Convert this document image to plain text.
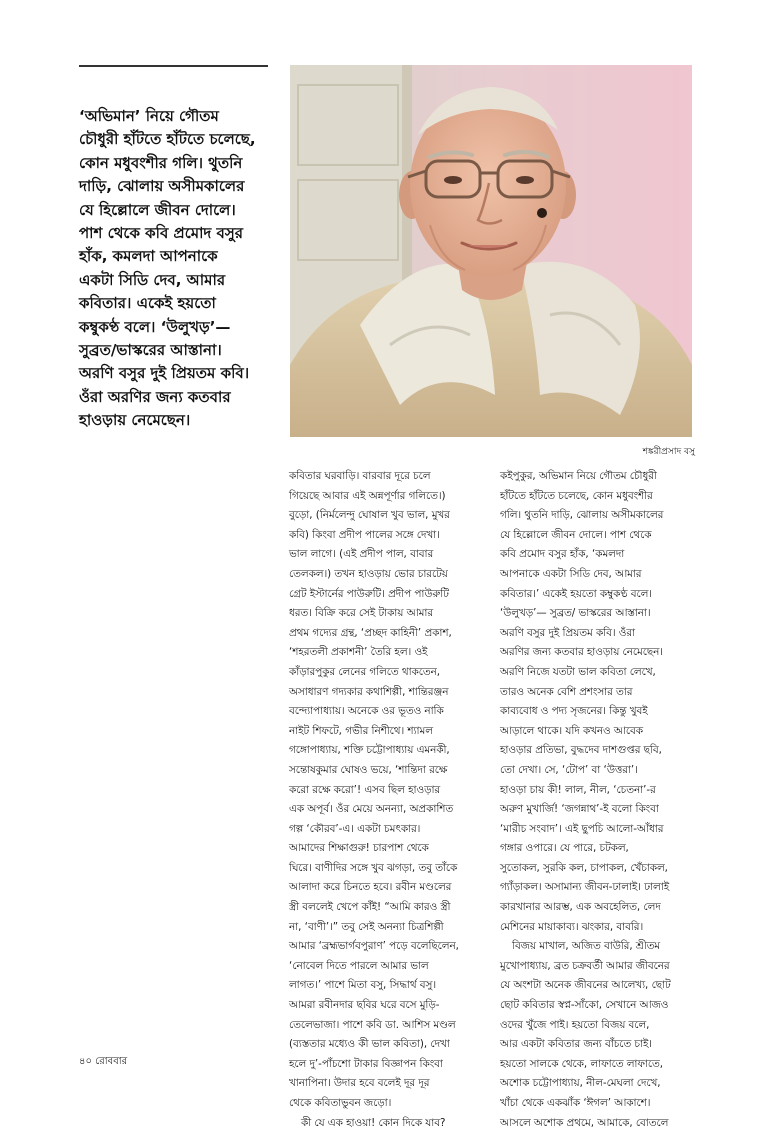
‘অভিমান’ নিয়ে গৌতম
চৌধুরী হাঁটতে হাঁটতে চলেছে,
কোন মধুবংশীর গলি। থুতনি
দাড়ি, ঝোলায় অসীমকালের
যে হিল্লোলে জীবন দোলে।
পাশ থেকে কবি প্রমোদ বসুর
হাঁক, কমলদা আপনাকে
একটা সিডি দেব, আমার
কবিতার। একেই হয়তো
কম্বুকণ্ঠ বলে। ‘উলুখড়’—
সুব্রত/ভাস্করের আস্তানা।
অরণি বসুর দুই প্রিয়তম কবি।
ওঁরা অরণির জন্য কতবার
হাওড়ায় নেমেছেন।
শঙ্করীপ্রসাদ বসু
কবিতার ঘরবাড়ি। বারবার দূরে চলে
গিয়েছে আবার এই অন্নপূর্ণার গলিতে।)
বুড়ো, (নির্মলেন্দু ঘোষাল খুব ভাল, মুখর
কবি) কিংবা প্রদীপ পালের সঙ্গে দেখা।
ভাল লাগে। (এই প্রদীপ পাল, বাবার
তেলকল।) তখন হাওড়ায় ভোর চারটেয়
গ্রেট ইস্টার্নের পাউরুটি। প্রদীপ পাউরুটি
ধরত। বিক্রি করে সেই টাকায় আমার
প্রথম গদ্যের গ্রন্থ, ‘প্রচ্ছদ কাহিনী’ প্রকাশ,
‘শহরতলী প্রকাশনী’ তৈরি হল। ওই
কাঁড়ারপুকুর লেনের গলিতে থাকতেন,
অসাধারণ গদ্যকার কথাশিল্পী, শান্তিরঞ্জন
বন্দ্যোপাধ্যায়। অনেকে ওর ভূতও নাকি
নাইট শিফটে, গভীর নিশীথে। শ্যামল
গঙ্গোপাধ্যায়, শক্তি চট্টোপাধ্যায় এমনকী,
সন্তোষকুমার ঘোষও ভয়ে, ‘শান্তিদা রক্ষে
করো রক্ষে করো’! এসব ছিল হাওড়ার
এক অপূর্ব। ওঁর মেয়ে অনন্যা, অপ্রকাশিত
গল্প ‘কৌরব’-এ। একটা চমৎকার।
আমাদের শিক্ষাগুরু! চারপাশ থেকে
ঘিরে। বাণীদির সঙ্গে খুব ঝগড়া, তবু তাঁকে
আলাদা করে চিনতে হবে। রবীন মণ্ডলের
স্ত্রী বললেই খেপে কাঁই! “আমি কারও স্ত্রী
না, ‘বাণী’।” তবু সেই অনন্যা চিত্রশিল্পী
আমার ‘ব্রহ্মভার্গবপুরাণ’ পড়ে বলেছিলেন,
‘নোবেল দিতে পারলে আমার ভাল
লাগত।’ পাশে মিতা বসু, সিদ্ধার্থ বসু।
আমরা রবীনদার ছবির ঘরে বসে মুড়ি-
তেলেভাজা। পাশে কবি ডা. আশিস মণ্ডল
(ব্যস্ততার মধ্যেও কী ভাল কবিতা), দেখা
হলে দু’-পাঁচশো টাকার বিজ্ঞাপন কিংবা
খানাপিনা। উদার হবে বলেই দূর দূর
থেকে কবিতাভুবন জড়ো।
কী যে এক হাওয়া! কোন দিকে যাব?
কইপুকুর, অভিমান নিয়ে গৌতম চৌধুরী
হাঁটতে হাঁটতে চলেছে, কোন মধুবংশীর
গলি। থুতনি দাড়ি, ঝোলায় অসীমকালের
যে হিল্লোলে জীবন দোলে। পাশ থেকে
কবি প্রমোদ বসুর হাঁক, ‘কমলদা
আপনাকে একটা সিডি দেব, আমার
কবিতার।’ একেই হয়তো কম্বুকণ্ঠ বলে।
‘উলুখড়’— সুব্রত/ ভাস্করের আস্তানা।
অরণি বসুর দুই প্রিয়তম কবি। ওঁরা
অরণির জন্য কতবার হাওড়ায় নেমেছেন।
অরণি নিজে যতটা ভাল কবিতা লেখে,
তারও অনেক বেশি প্রশংসার তার
কাব্যবোধ ও পদ্য সৃজনের। কিন্তু খুবই
আড়ালে থাকে। যদি কখনও আবেক
হাওড়ার প্রতিভা, বুদ্ধদেব দাশগুপ্তর ছবি,
তো দেখা। সে, ‘টোপ’ বা ‘উত্তরা’।
হাওড়া চায় কী! লাল, নীল, ‘চেতনা’-র
অরুণ মুখার্জি! ‘জগন্নাথ’-ই বলো কিংবা
‘মারীচ সংবাদ’। এই ছুপচি আলো-আঁধার
গঙ্গার ওপারে। যে পারে, চটকল,
সুতোকল, সুরকি কল, চাপাকল, খেঁচাকল,
গ্যাঁড়াকল। অসামান্য জীবন-ঢালাই। ঢালাই
কারখানার আরম্ভ, এক অবহেলিত, লেদ
মেশিনের মায়াকাব্য। ঝংকার, বাবরি।
বিজয় মাখাল, অজিত বাউরি, শ্রীতম
মুখোপাধ্যায়, ব্রত চক্রবর্তী আমার জীবনের
যে অংশটা অনেক জীবনের আলেখ্য, ছোট
ছোট কবিতার স্বপ্ন-সাঁকো, সেখানে আজও
ওদের খুঁজে পাই। হয়তো বিজয় বলে,
আর একটা কবিতার জন্য বাঁচতে চাই।
হয়তো সালকে থেকে, লাফাতে লাফাতে,
অশোক চট্টোপাধ্যায়, নীল-মেঘলা দেখে,
খাঁচা থেকে একঝাঁক ‘ঈগল’ আকাশে।
আসলে অশোক প্রথমে, আমাকে, বোতলে
৪০ রোববার
